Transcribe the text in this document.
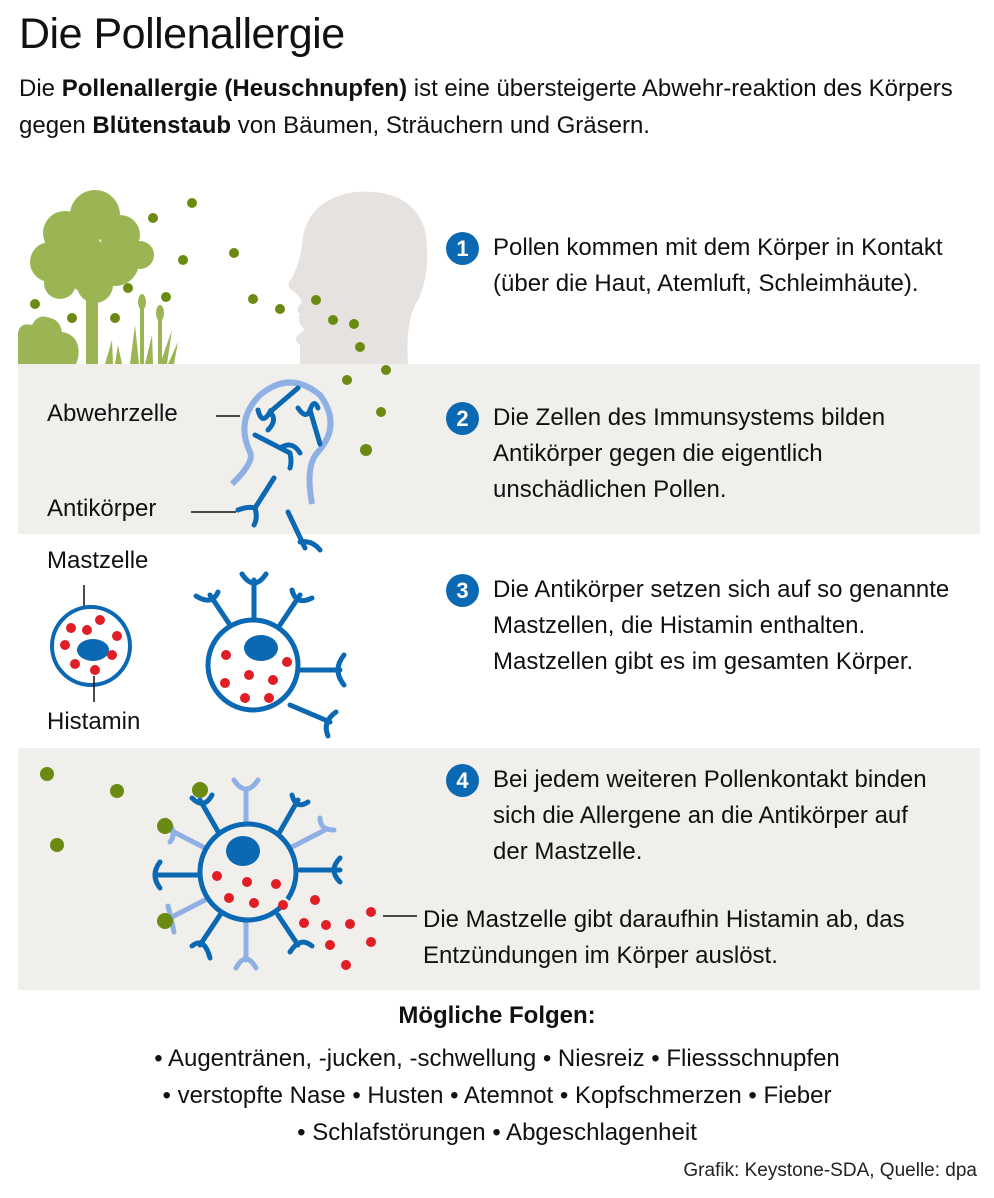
Die Pollenallergie
Die Pollenallergie (Heuschnupfen) ist eine übersteigerte Abwehr-reaktion des Körpers gegen Blütenstaub von Bäumen, Sträuchern und Gräsern.
Abwehrzelle
Antikörper
Mastzelle
Histamin
1	Pollen kommen mit dem Körper in Kontakt (über die Haut, Atemluft, Schleimhäute).
2	Die Zellen des Immunsystems bilden Antikörper gegen die eigentlich unschädlichen Pollen.
3	Die Antikörper setzen sich auf so genannte Mastzellen, die Histamin enthalten. Mastzellen gibt es im gesamten Körper.
4	Bei jedem weiteren Pollenkontakt binden sich die Allergene an die Antikörper auf der Mastzelle.
Die Mastzelle gibt daraufhin Histamin ab, das Entzündungen im Körper auslöst.
Mögliche Folgen:
• Augentränen, -jucken, -schwellung • Niesreiz • Fliessschnupfen
• verstopfte Nase • Husten • Atemnot • Kopfschmerzen • Fieber
• Schlafstörungen • Abgeschlagenheit
Grafik: Keystone-SDA, Quelle: dpa
